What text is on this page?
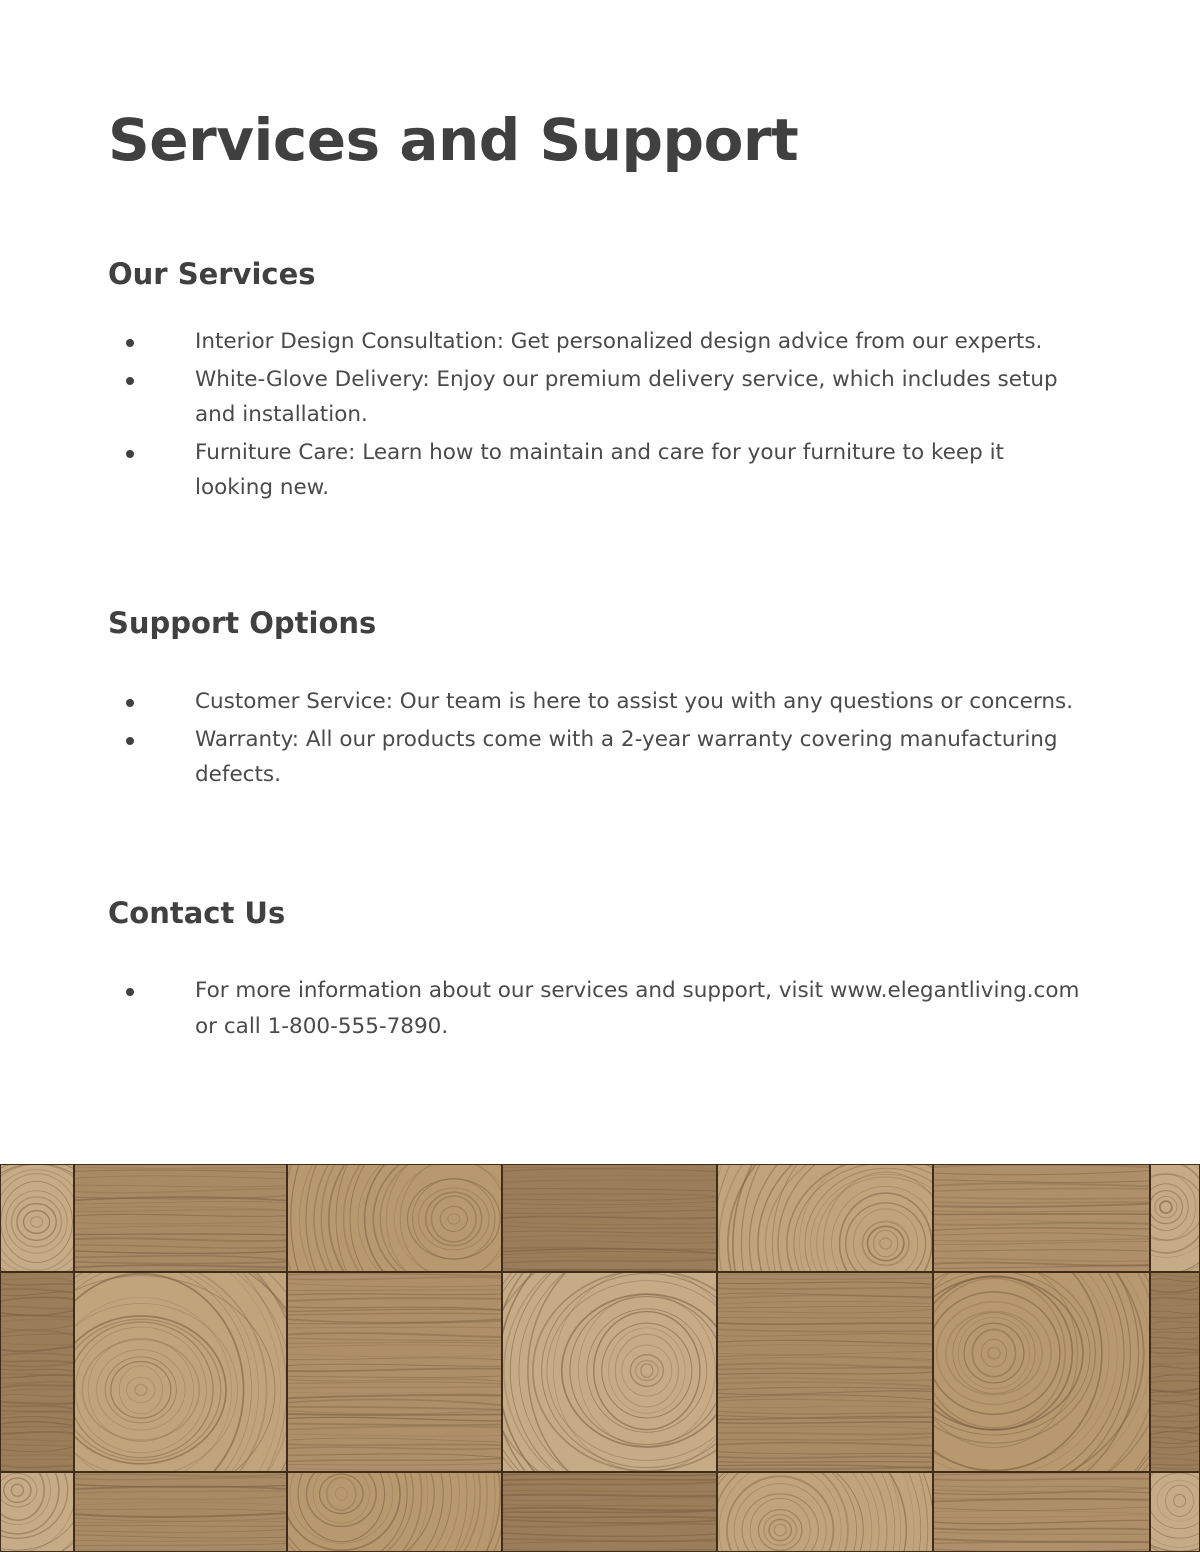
Services and Support
Our Services
Interior Design Consultation: Get personalized design advice from our experts.
White-Glove Delivery: Enjoy our premium delivery service, which includes setup and installation.
Furniture Care: Learn how to maintain and care for your furniture to keep it looking new.
Support Options
Customer Service: Our team is here to assist you with any questions or concerns.
Warranty: All our products come with a 2-year warranty covering manufacturing defects.
Contact Us
For more information about our services and support, visit www.elegantliving.com or call 1-800-555-7890.
